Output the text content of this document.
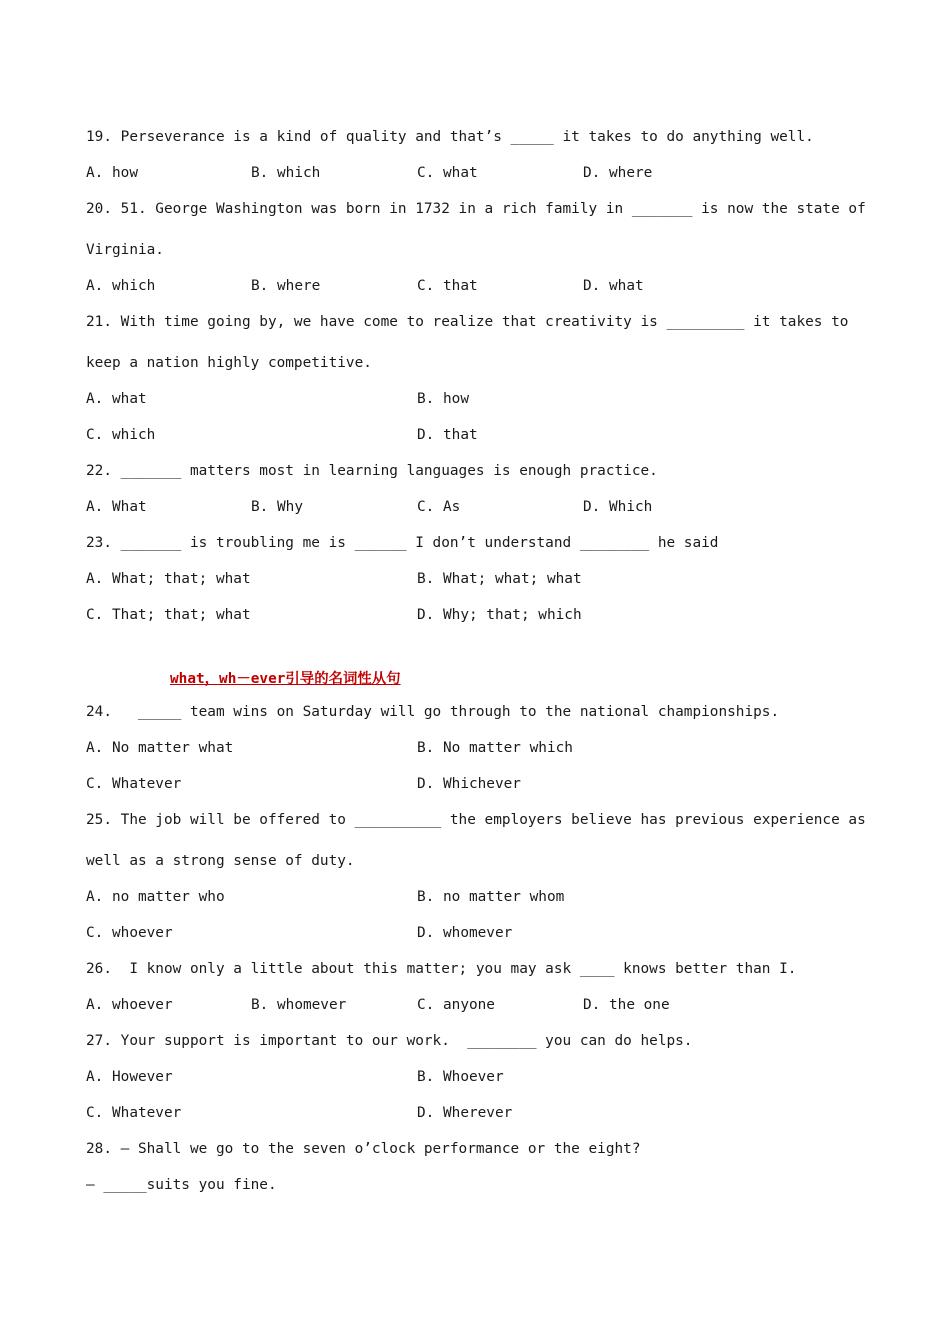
19. Perseverance is a kind of quality and that’s _____ it takes to do anything well.
A. how	B. which	C. what	D. where
20. 51. George Washington was born in 1732 in a rich family in _______ is now the state of
Virginia.
A. which	B. where	C. that	D. what
21. With time going by, we have come to realize that creativity is _________ it takes to
keep a nation highly competitive.
A. what	B. how
C. which	D. that
22. _______ matters most in learning languages is enough practice.
A. What	B. Why	C. As	D. Which
23. _______ is troubling me is ______ I don’t understand ________ he said
A. What; that; what	B. What; what; what
C. That; that; what	D. Why; that; which
what，wh－ever引导的名词性从句
24.   _____ team wins on Saturday will go through to the national championships.
A. No matter what	B. No matter which
C. Whatever	D. Whichever
25. The job will be offered to __________ the employers believe has previous experience as
well as a strong sense of duty.
A. no matter who	B. no matter whom
C. whoever	D. whomever
26.  I know only a little about this matter; you may ask ____ knows better than I.
A. whoever	B. whomever	C. anyone	D. the one
27. Your support is important to our work.  ________ you can do helps.
A. However	B. Whoever
C. Whatever	D. Wherever
28. — Shall we go to the seven o’clock performance or the eight?
— _____suits you fine.
